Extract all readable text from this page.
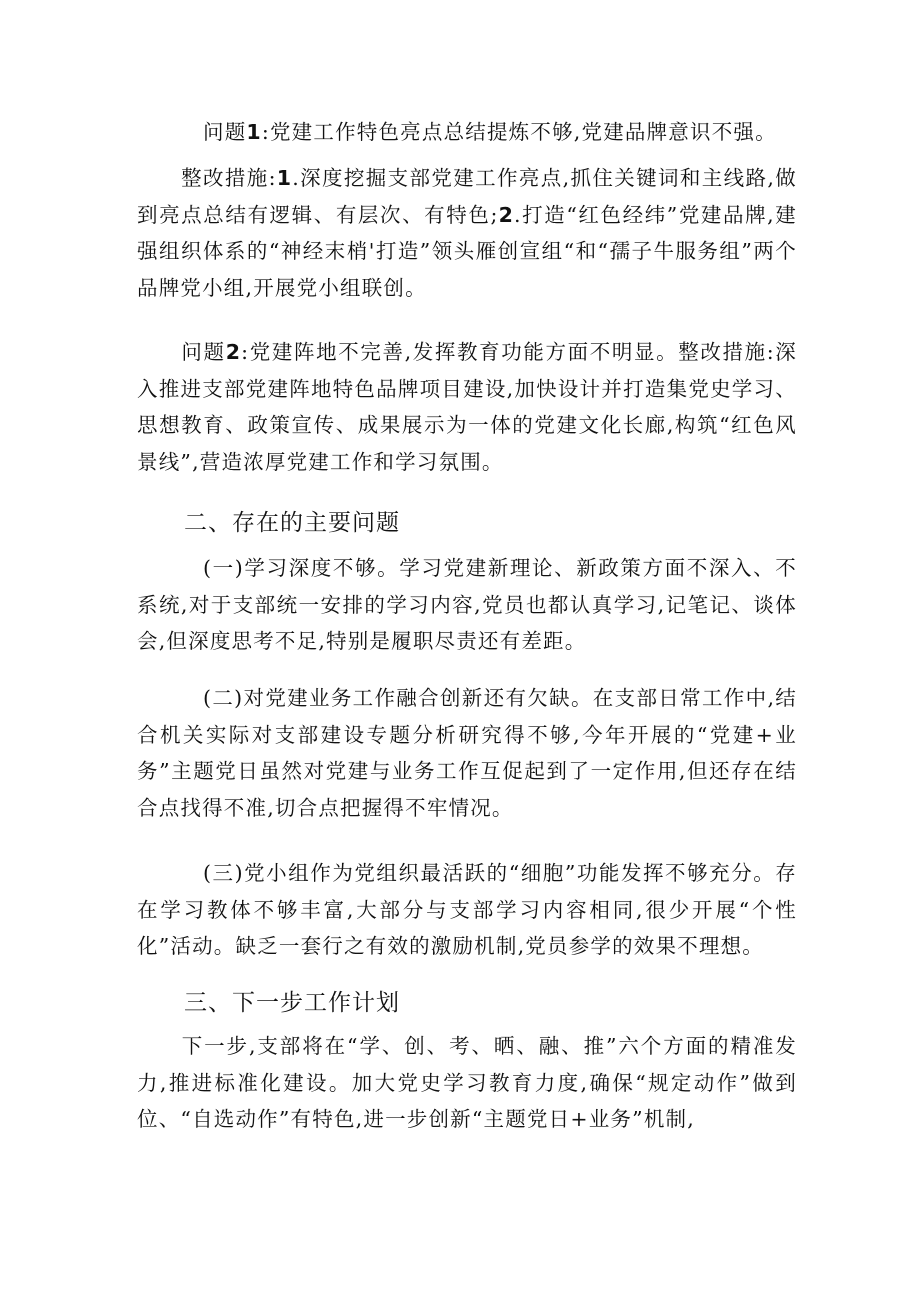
问题1:党建工作特色亮点总结提炼不够,党建品牌意识不强。

整改措施:1.深度挖掘支部党建工作亮点,抓住关键词和主线路,做到亮点总结有逻辑、有层次、有特色;2.打造“红色经纬”党建品牌,建强组织体系的“神经末梢'打造”领头雁创宣组“和“孺子牛服务组”两个品牌党小组,开展党小组联创。

问题2:党建阵地不完善,发挥教育功能方面不明显。整改措施:深入推进支部党建阵地特色品牌项目建设,加快设计并打造集党史学习、思想教育、政策宣传、成果展示为一体的党建文化长廊,构筑“红色风景线”,营造浓厚党建工作和学习氛围。

二、存在的主要问题

(一)学习深度不够。学习党建新理论、新政策方面不深入、不系统,对于支部统一安排的学习内容,党员也都认真学习,记笔记、谈体会,但深度思考不足,特别是履职尽责还有差距。

(二)对党建业务工作融合创新还有欠缺。在支部日常工作中,结合机关实际对支部建设专题分析研究得不够,今年开展的“党建+业务”主题党日虽然对党建与业务工作互促起到了一定作用,但还存在结合点找得不准,切合点把握得不牢情况。

(三)党小组作为党组织最活跃的“细胞”功能发挥不够充分。存在学习教体不够丰富,大部分与支部学习内容相同,很少开展“个性化”活动。缺乏一套行之有效的激励机制,党员参学的效果不理想。

三、下一步工作计划

下一步,支部将在“学、创、考、晒、融、推”六个方面的精准发力,推进标准化建设。加大党史学习教育力度,确保“规定动作”做到位、“自选动作”有特色,进一步创新“主题党日+业务”机制,
